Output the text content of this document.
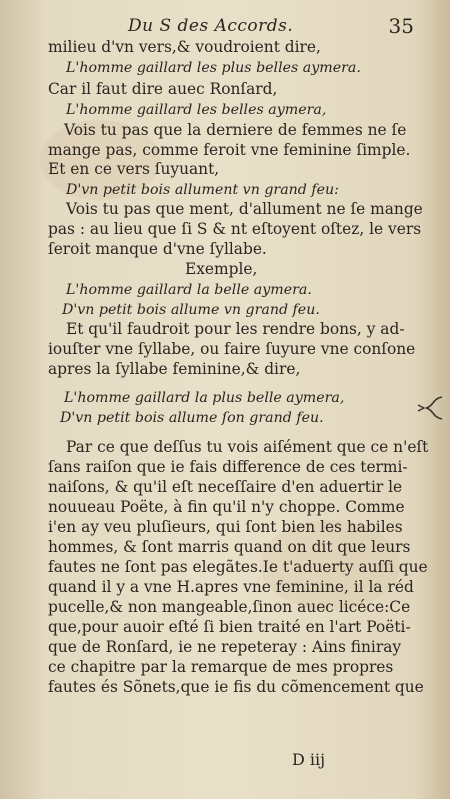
Du S des Accords.	35
milieu d'vn vers,& voudroient dire,
L'homme gaillard les plus belles aymera.
Car il faut dire auec Ronſard,
L'homme gaillard les belles aymera,
Vois tu pas que la derniere de femmes ne ſe
mange pas, comme feroit vne feminine ſimple.
Et en ce vers ſuyuant,
D'vn petit bois allument vn grand feu:
Vois tu pas que ment, d'allument ne ſe mange
pas : au lieu que ſi S & nt eſtoyent oſtez, le vers
ſeroit manque d'vne ſyllabe.
Exemple,
L'homme gaillard la belle aymera.
D'vn petit bois allume vn grand feu.
Et qu'il faudroit pour les rendre bons, y ad-
iouſter vne ſyllabe, ou faire ſuyure vne conſone
apres la ſyllabe feminine,& dire,
L'homme gaillard la plus belle aymera,
D'vn petit bois allume ſon grand feu.
Par ce que deſſus tu vois aiſément que ce n'eſt
ſans raiſon que ie fais difference de ces termi-
naiſons, & qu'il eſt neceſſaire d'en aduertir le
nouueau Poëte, à fin qu'il n'y choppe. Comme
i'en ay veu pluſieurs, qui ſont bien les habiles
hommes, & ſont marris quand on dit que leurs
fautes ne ſont pas elegãtes.Ie t'aduerty auſſi que
quand il y a vne H.apres vne feminine, il la réd
pucelle,& non mangeable,ſinon auec licéce:Ce
que,pour auoir eſté ſi bien traité en l'art Poëti-
que de Ronſard, ie ne repeteray : Ains finiray
ce chapitre par la remarque de mes propres
fautes és Sõnets,que ie fis du cõmencement que
D iij
